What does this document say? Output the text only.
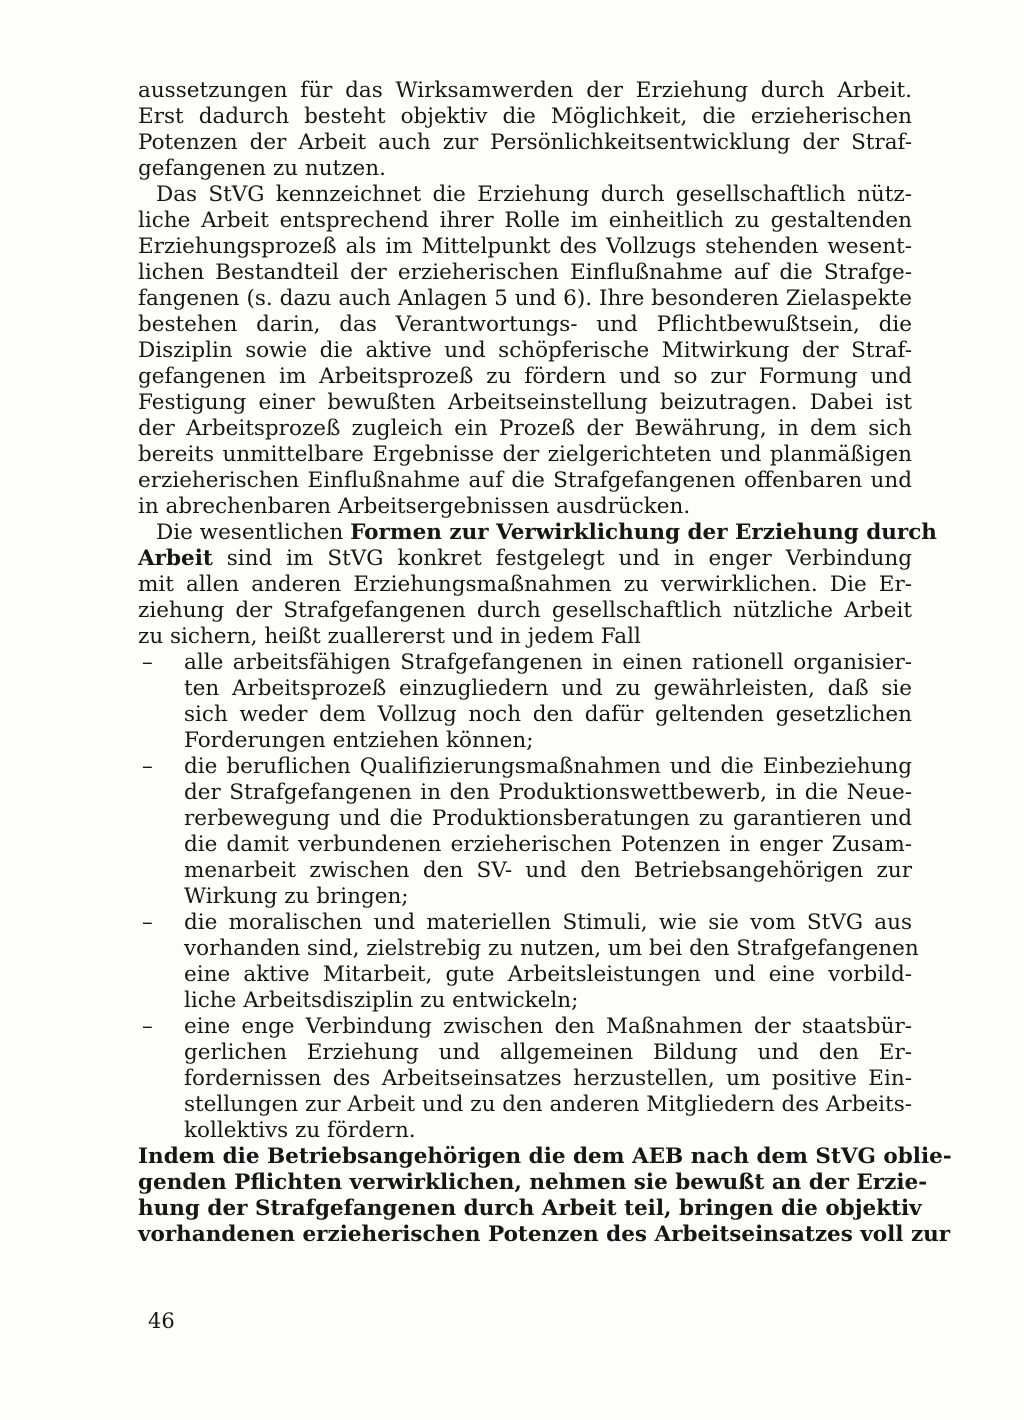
aussetzungen für das Wirksamwerden der Erziehung durch Arbeit.
Erst dadurch besteht objektiv die Möglichkeit, die erzieherischen
Potenzen der Arbeit auch zur Persönlichkeitsentwicklung der Straf-
gefangenen zu nutzen.
Das StVG kennzeichnet die Erziehung durch gesellschaftlich nütz-
liche Arbeit entsprechend ihrer Rolle im einheitlich zu gestaltenden
Erziehungsprozeß als im Mittelpunkt des Vollzugs stehenden wesent-
lichen Bestandteil der erzieherischen Einflußnahme auf die Strafge-
fangenen (s. dazu auch Anlagen 5 und 6). Ihre besonderen Zielaspekte
bestehen darin, das Verantwortungs- und Pflichtbewußtsein, die
Disziplin sowie die aktive und schöpferische Mitwirkung der Straf-
gefangenen im Arbeitsprozeß zu fördern und so zur Formung und
Festigung einer bewußten Arbeitseinstellung beizutragen. Dabei ist
der Arbeitsprozeß zugleich ein Prozeß der Bewährung, in dem sich
bereits unmittelbare Ergebnisse der zielgerichteten und planmäßigen
erzieherischen Einflußnahme auf die Strafgefangenen offenbaren und
in abrechenbaren Arbeitsergebnissen ausdrücken.
Die wesentlichen Formen zur Verwirklichung der Erziehung durch
Arbeit sind im StVG konkret festgelegt und in enger Verbindung
mit allen anderen Erziehungsmaßnahmen zu verwirklichen. Die Er-
ziehung der Strafgefangenen durch gesellschaftlich nützliche Arbeit
zu sichern, heißt zuallererst und in jedem Fall
– alle arbeitsfähigen Strafgefangenen in einen rationell organisier-
ten Arbeitsprozeß einzugliedern und zu gewährleisten, daß sie
sich weder dem Vollzug noch den dafür geltenden gesetzlichen
Forderungen entziehen können;
– die beruflichen Qualifizierungsmaßnahmen und die Einbeziehung
der Strafgefangenen in den Produktionswettbewerb, in die Neue-
rerbewegung und die Produktionsberatungen zu garantieren und
die damit verbundenen erzieherischen Potenzen in enger Zusam-
menarbeit zwischen den SV- und den Betriebsangehörigen zur
Wirkung zu bringen;
– die moralischen und materiellen Stimuli, wie sie vom StVG aus
vorhanden sind, zielstrebig zu nutzen, um bei den Strafgefangenen
eine aktive Mitarbeit, gute Arbeitsleistungen und eine vorbild-
liche Arbeitsdisziplin zu entwickeln;
– eine enge Verbindung zwischen den Maßnahmen der staatsbür-
gerlichen Erziehung und allgemeinen Bildung und den Er-
fordernissen des Arbeitseinsatzes herzustellen, um positive Ein-
stellungen zur Arbeit und zu den anderen Mitgliedern des Arbeits-
kollektivs zu fördern.
Indem die Betriebsangehörigen die dem AEB nach dem StVG oblie-
genden Pflichten verwirklichen, nehmen sie bewußt an der Erzie-
hung der Strafgefangenen durch Arbeit teil, bringen die objektiv
vorhandenen erzieherischen Potenzen des Arbeitseinsatzes voll zur
46
